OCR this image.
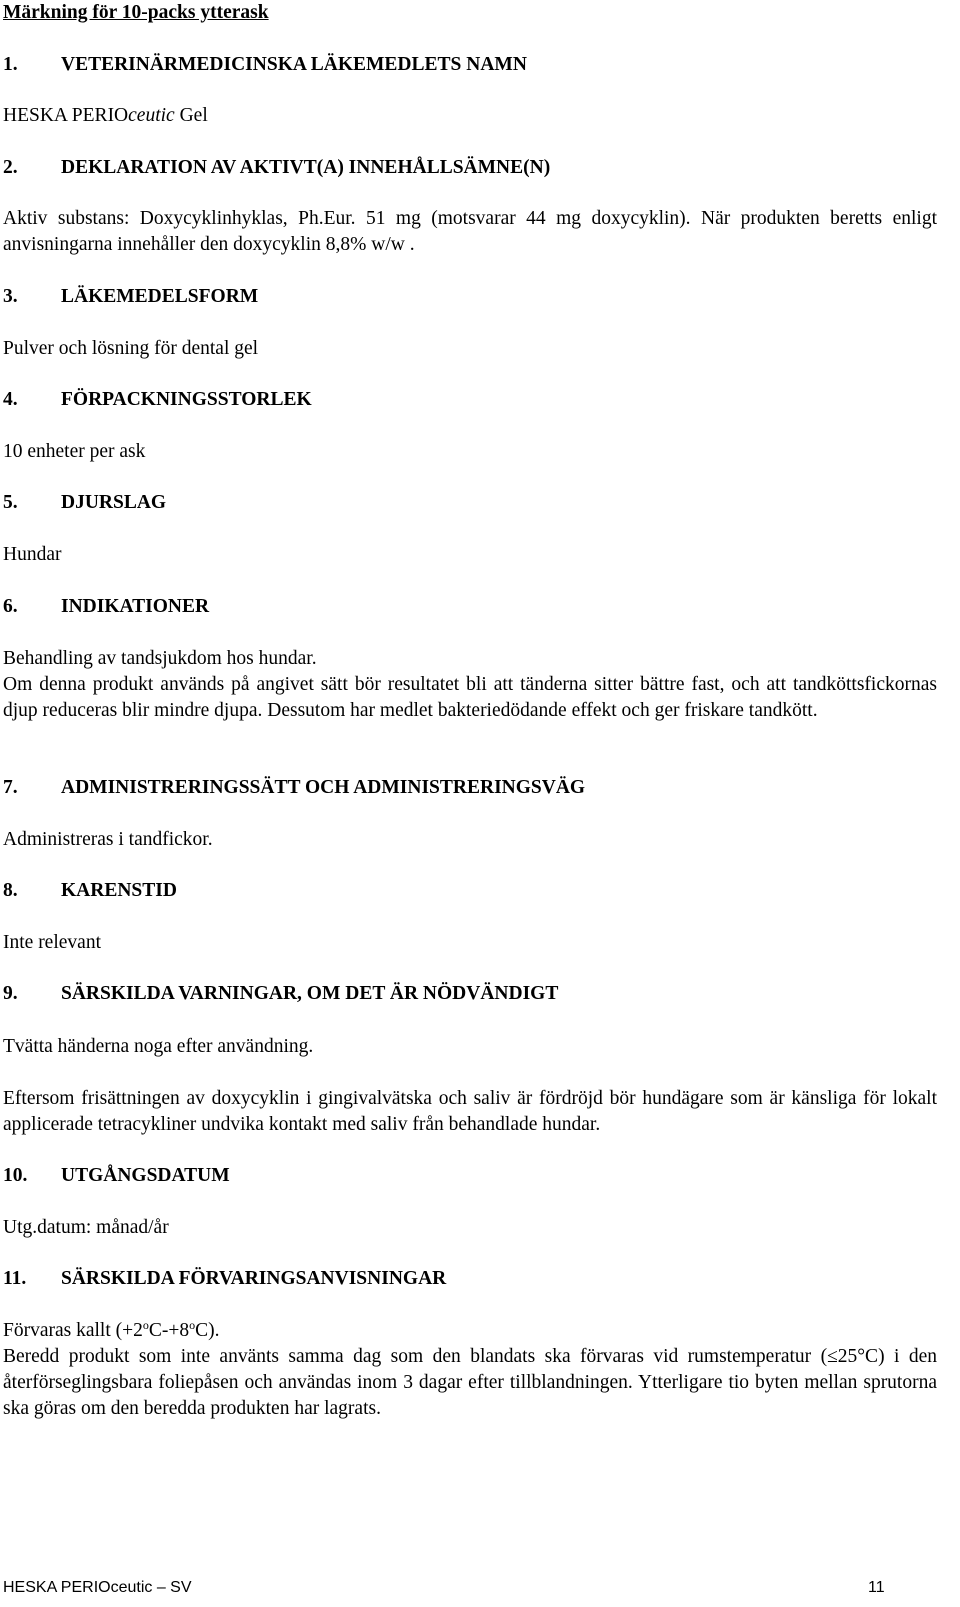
Märkning för 10-packs ytterask
1. VETERINÄRMEDICINSKA LÄKEMEDLETS NAMN
HESKA PERIOceutic Gel
2. DEKLARATION AV AKTIVT(A) INNEHÅLLSÄMNE(N)
Aktiv substans: Doxycyklinhyklas, Ph.Eur. 51 mg (motsvarar 44 mg doxycyklin). När produkten beretts enligt anvisningarna innehåller den doxycyklin 8,8% w/w .
3. LÄKEMEDELSFORM
Pulver och lösning för dental gel
4. FÖRPACKNINGSSTORLEK
10 enheter per ask
5. DJURSLAG
Hundar
6. INDIKATIONER
Behandling av tandsjukdom hos hundar.
Om denna produkt används på angivet sätt bör resultatet bli att tänderna sitter bättre fast, och att tandköttsfickornas djup reduceras blir mindre djupa. Dessutom har medlet bakteriedödande effekt och ger friskare tandkött.
7. ADMINISTRERINGSSÄTT OCH ADMINISTRERINGSVÄG
Administreras i tandfickor.
8. KARENSTID
Inte relevant
9. SÄRSKILDA VARNINGAR, OM DET ÄR NÖDVÄNDIGT
Tvätta händerna noga efter användning.
Eftersom frisättningen av doxycyklin i gingivalvätska och saliv är fördröjd bör hundägare som är känsliga för lokalt applicerade tetracykliner undvika kontakt med saliv från behandlade hundar.
10. UTGÅNGSDATUM
Utg.datum: månad/år
11. SÄRSKILDA FÖRVARINGSANVISNINGAR
Förvaras kallt $(+2^oC-+8^oC)$.
Beredd produkt som inte använts samma dag som den blandats ska förvaras vid rumstemperatur (≤25°C) i den återförseglingsbara foliepåsen och användas inom 3 dagar efter tillblandningen. Ytterligare tio byten mellan sprutorna ska göras om den beredda produkten har lagrats.
HESKA PERIOceutic – SV	11
